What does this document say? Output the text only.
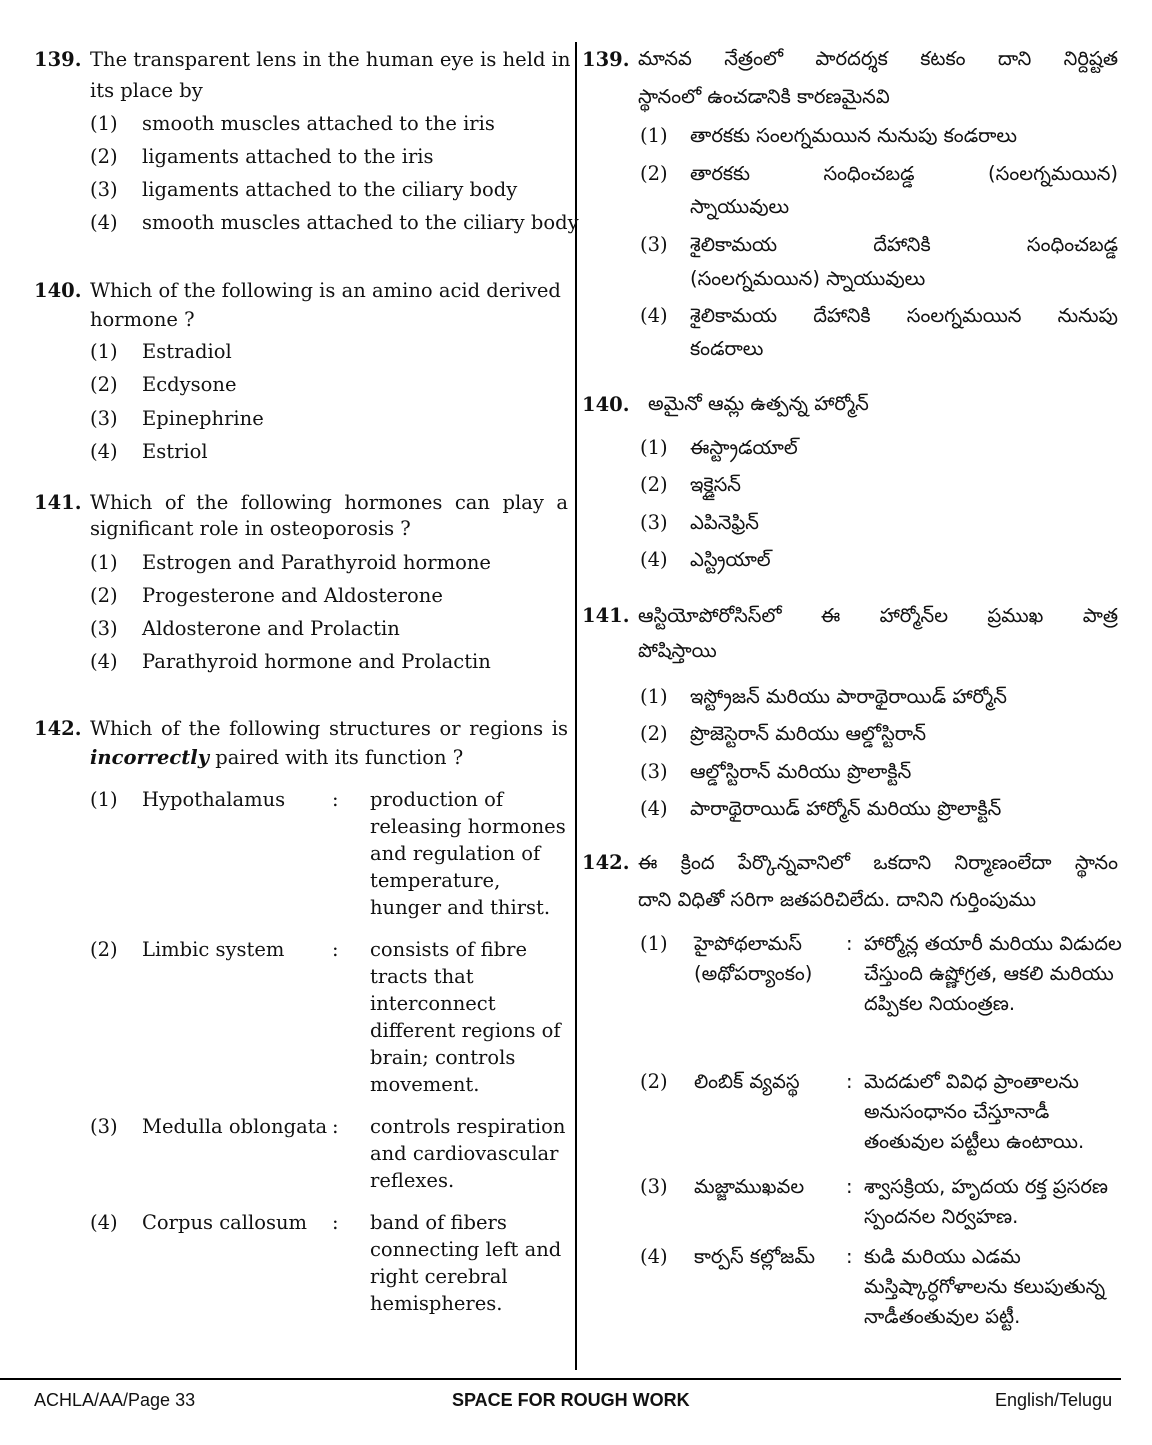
139. The transparent lens in the human eye is held in
its place by
(1) smooth muscles attached to the iris
(2) ligaments attached to the iris
(3) ligaments attached to the ciliary body
(4) smooth muscles attached to the ciliary body
140. Which of the following is an amino acid derived
hormone ?
(1) Estradiol
(2) Ecdysone
(3) Epinephrine
(4) Estriol
141. Which of the following hormones can play a
significant role in osteoporosis ?
(1) Estrogen and Parathyroid hormone
(2) Progesterone and Aldosterone
(3) Aldosterone and Prolactin
(4) Parathyroid hormone and Prolactin
142. Which of the following structures or regions is
incorrectly paired with its function ?
(1) Hypothalamus : production of releasing hormones and regulation of temperature, hunger and thirst.
(2) Limbic system : consists of fibre tracts that interconnect different regions of brain; controls movement.
(3) Medulla oblongata : controls respiration and cardiovascular reflexes.
(4) Corpus callosum : band of fibers connecting left and right cerebral hemispheres.
139. మానవ నేత్రంలో పారదర్శక కటకం దాని నిర్దిష్టత
స్థానంలో ఉంచడానికి కారణమైనవి
(1) తారకకు సంలగ్నమయిన నునుపు కండరాలు
(2) తారకకు సంధించబడ్డ (సంలగ్నమయిన)
స్నాయువులు
(3) శైలికామయ దేహానికి సంధించబడ్డ
(సంలగ్నమయిన) స్నాయువులు
(4) శైలికామయ దేహానికి సంలగ్నమయిన నునుపు
కండరాలు
140. అమైనో ఆమ్ల ఉత్పన్న హార్మోన్
(1) ఈస్ట్రాడయాల్
(2) ఇక్డైసన్
(3) ఎపినెఫ్రిన్
(4) ఎస్ట్రియాల్
141. ఆస్టియోపోరోసిస్‌లో ఈ హార్మోన్‌ల ప్రముఖ పాత్ర
పోషిస్తాయి
(1) ఇస్ట్రోజన్ మరియు పారాథైరాయిడ్ హార్మోన్
(2) ప్రొజెస్టెరాన్ మరియు ఆల్డోస్టిరాన్
(3) ఆల్డోస్టిరాన్ మరియు ప్రొలాక్టిన్
(4) పారాథైరాయిడ్ హార్మోన్ మరియు ప్రొలాక్టిన్
142. ఈ క్రింద పేర్కొన్నవానిలో ఒకదాని నిర్మాణంలేదా స్థానం
దాని విధితో సరిగా జతపరిచిలేదు. దానిని గుర్తింపుము
(1) హైపోథలామస్ (అథోపర్యాంకం)
: హార్మోన్ల తయారీ మరియు విడుదల చేస్తుంది ఉష్ణోగ్రత, ఆకలి మరియు దప్పికల నియంత్రణ.
(2) లింబిక్ వ్యవస్థ : మెదడులో వివిధ ప్రాంతాలను అనుసంధానం చేస్తూనాడీ తంతువుల పట్టీలు ఉంటాయి.
(3) మజ్జాముఖవల : శ్వాసక్రియ, హృదయ రక్త ప్రసరణ స్పందనల నిర్వహణ.
(4) కార్పస్ కల్లోజమ్ : కుడి మరియు ఎడమ మస్తిష్కార్ధగోళాలను కలుపుతున్న నాడీతంతువుల పట్టీ.
ACHLA/AA/Page 33	SPACE FOR ROUGH WORK	English/Telugu
